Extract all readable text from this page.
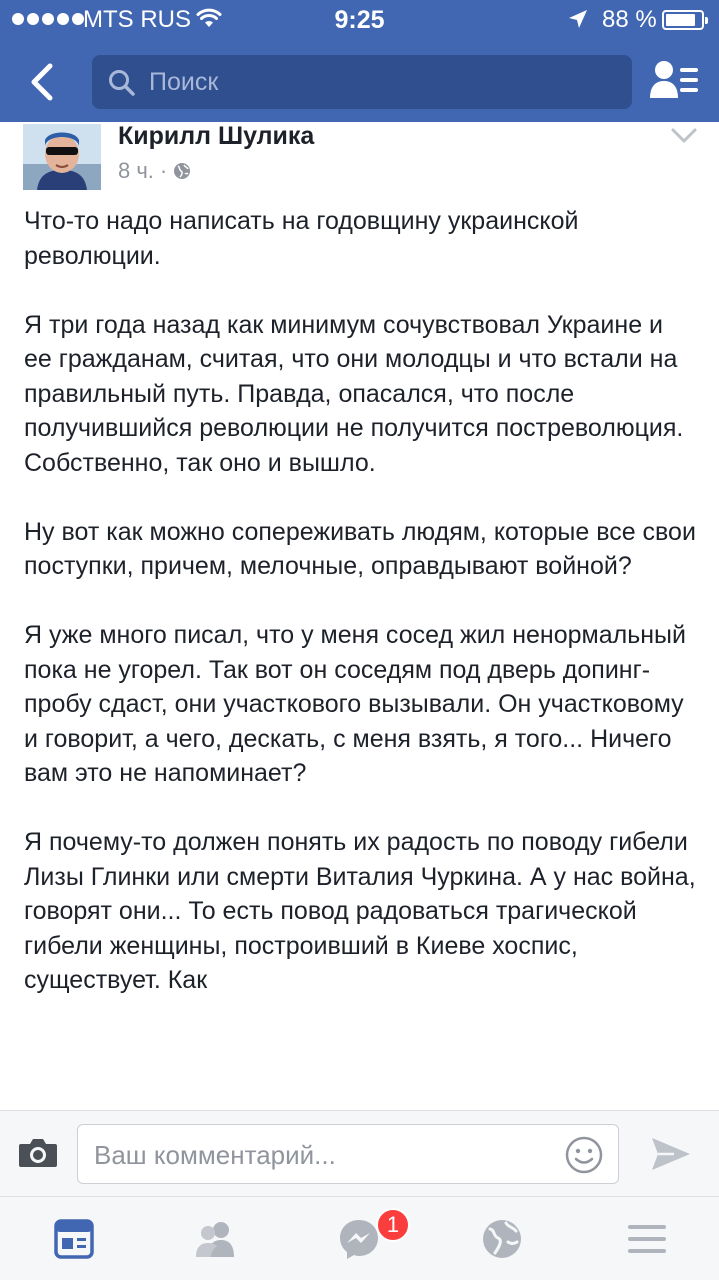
MTS RUS	9:25	88 %
Поиск
Кирилл Шулика
8 ч. ·

Что-то надо написать на годовщину украинской революции.

Я три года назад как минимум сочувствовал Украине и ее гражданам, считая, что они молодцы и что встали на правильный путь. Правда, опасался, что после получившийся революции не получится постреволюция. Собственно, так оно и вышло.

Ну вот как можно сопереживать людям, которые все свои поступки, причем, мелочные, оправдывают войной?

Я уже много писал, что у меня сосед жил ненормальный пока не угорел. Так вот он соседям под дверь допинг-пробу сдаст, они участкового вызывали. Он участковому и говорит, а чего, дескать, с меня взять, я того... Ничего вам это не напоминает?

Я почему-то должен понять их радость по поводу гибели Лизы Глинки или смерти Виталия Чуркина. А у нас война, говорят они... То есть повод радоваться трагической гибели женщины, построивший в Киеве хоспис, существует. Как

Ваш комментарий...
1
